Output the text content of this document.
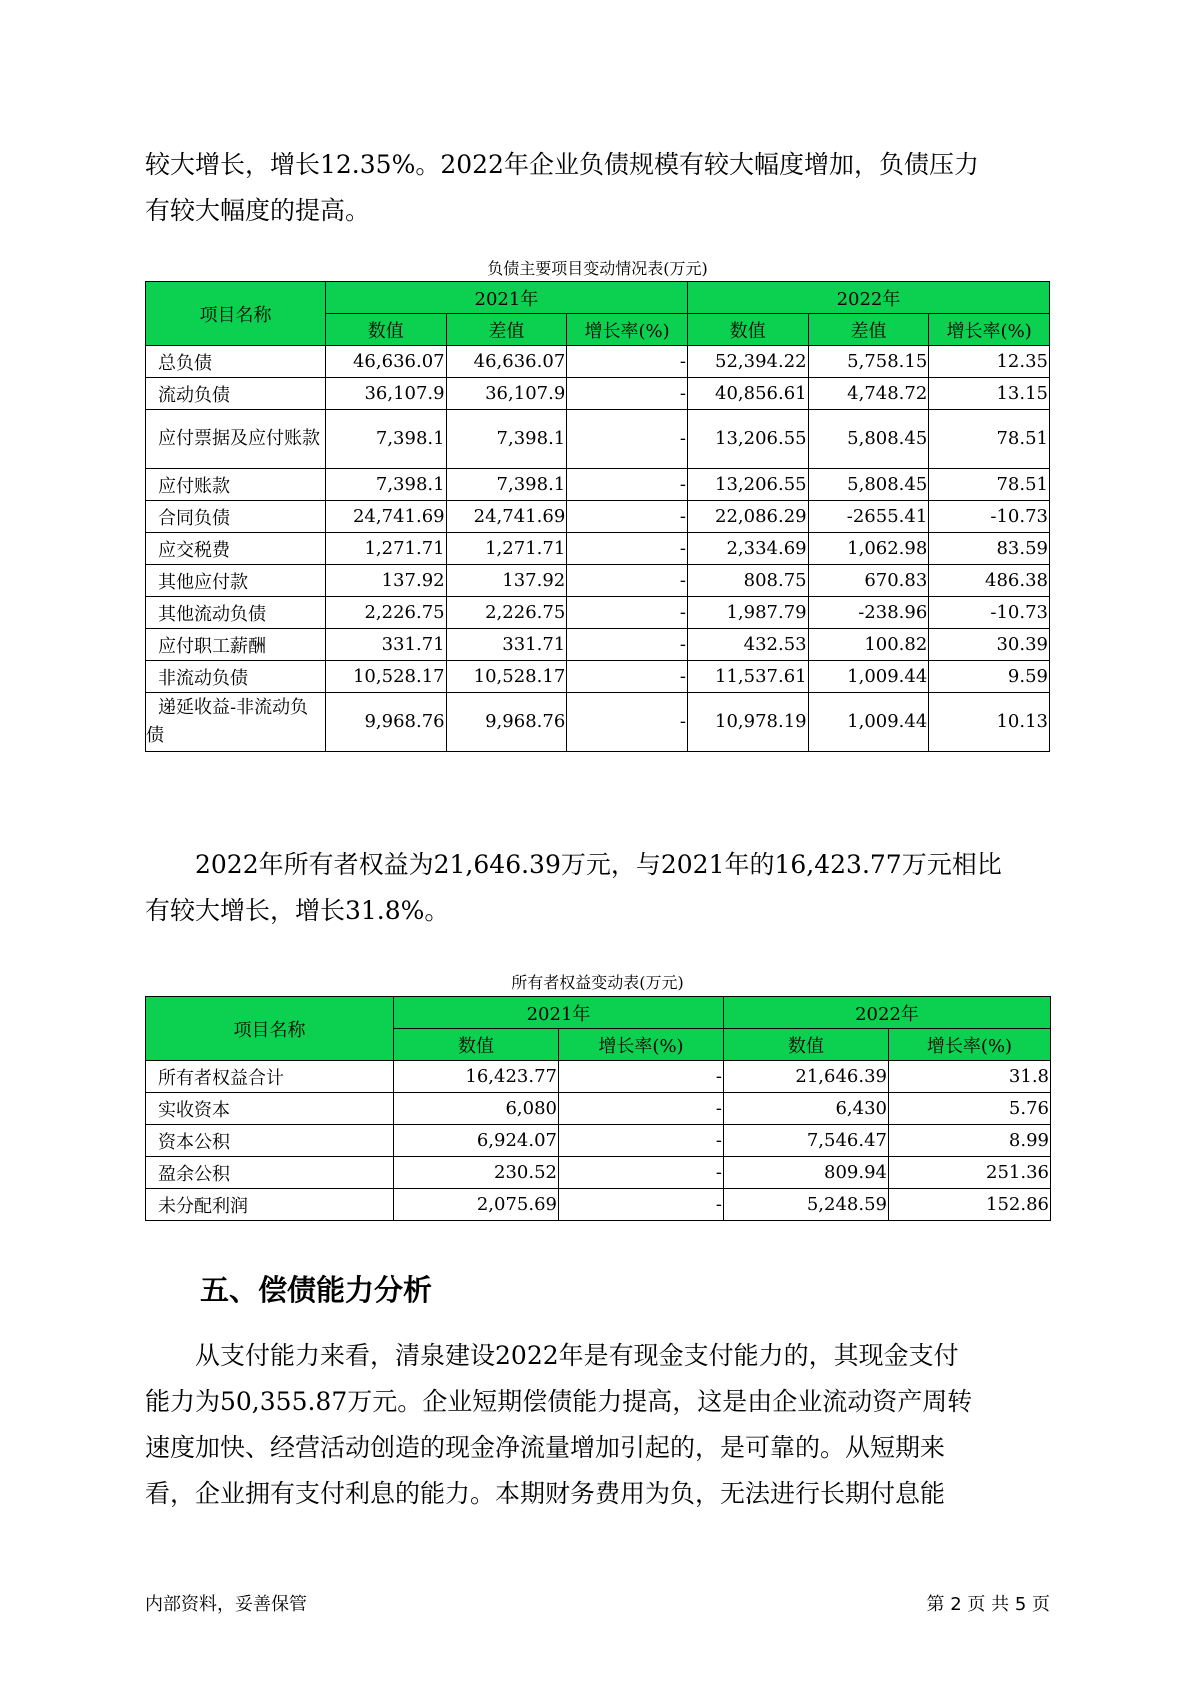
较大增长，增长12.35%。2022年企业负债规模有较大幅度增加，负债压力
有较大幅度的提高。

负债主要项目变动情况表(万元)

项目名称	2021年			2022年		
	数值	差值	增长率(%)	数值	差值	增长率(%)
总负债	46,636.07	46,636.07	-	52,394.22	5,758.15	12.35
流动负债	36,107.9	36,107.9	-	40,856.61	4,748.72	13.15
应付票据及应付账款	7,398.1	7,398.1	-	13,206.55	5,808.45	78.51
应付账款	7,398.1	7,398.1	-	13,206.55	5,808.45	78.51
合同负债	24,741.69	24,741.69	-	22,086.29	-2655.41	-10.73
应交税费	1,271.71	1,271.71	-	2,334.69	1,062.98	83.59
其他应付款	137.92	137.92	-	808.75	670.83	486.38
其他流动负债	2,226.75	2,226.75	-	1,987.79	-238.96	-10.73
应付职工薪酬	331.71	331.71	-	432.53	100.82	30.39
非流动负债	10,528.17	10,528.17	-	11,537.61	1,009.44	9.59
递延收益-非流动负债	9,968.76	9,968.76	-	10,978.19	1,009.44	10.13

2022年所有者权益为21,646.39万元，与2021年的16,423.77万元相比
有较大增长，增长31.8%。

所有者权益变动表(万元)

项目名称	2021年		2022年	
	数值	增长率(%)	数值	增长率(%)
所有者权益合计	16,423.77	-	21,646.39	31.8
实收资本	6,080	-	6,430	5.76
资本公积	6,924.07	-	7,546.47	8.99
盈余公积	230.52	-	809.94	251.36
未分配利润	2,075.69	-	5,248.59	152.86
五、偿债能力分析

从支付能力来看，清泉建设2022年是有现金支付能力的，其现金支付
能力为50,355.87万元。企业短期偿债能力提高，这是由企业流动资产周转
速度加快、经营活动创造的现金净流量增加引起的，是可靠的。从短期来
看，企业拥有支付利息的能力。本期财务费用为负，无法进行长期付息能

内部资料，妥善保管	第 2 页 共 5 页
